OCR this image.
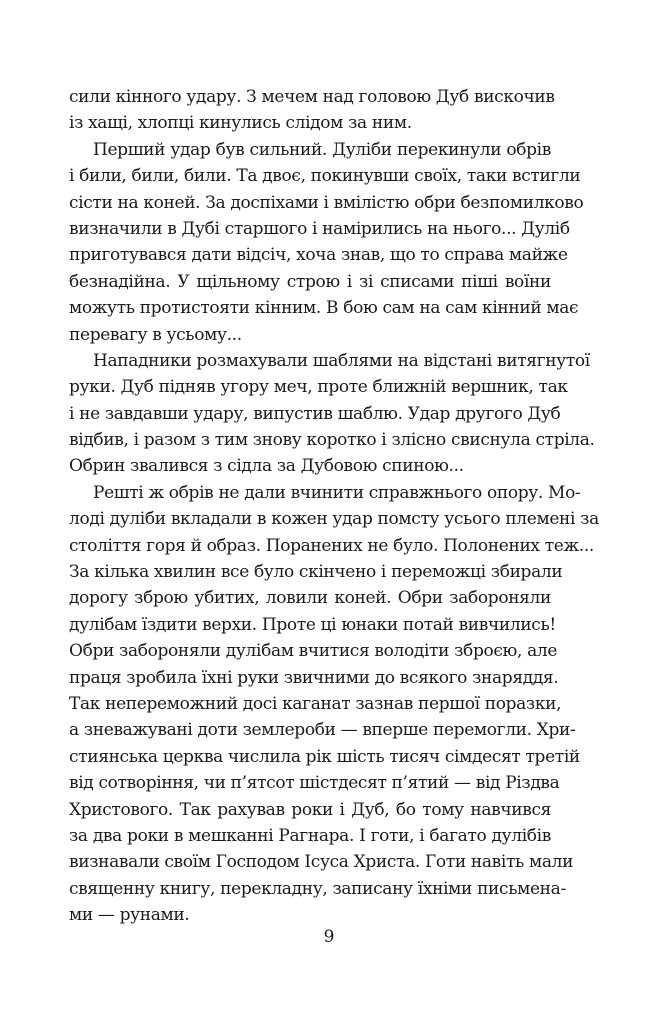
сили кінного удару. З мечем над головою Дуб вискочив
із хащі, хлопці кинулись слідом за ним.
Перший удар був сильний. Дуліби перекинули обрів
і били, били, били. Та двоє, покинувши своїх, таки встигли
сісти на коней. За доспіхами і вмілістю обри безпомилково
визначили в Дубі старшого і намірились на нього... Дуліб
приготувався дати відсіч, хоча знав, що то справа майже
безнадійна. У щільному строю і зі списами піші воїни
можуть протистояти кінним. В бою сам на сам кінний має
перевагу в усьому...
Нападники розмахували шаблями на відстані витягнутої
руки. Дуб підняв угору меч, проте ближній вершник, так
і не завдавши удару, випустив шаблю. Удар другого Дуб
відбив, і разом з тим знову коротко і злісно свиснула стріла.
Обрин звалився з сідла за Дубовою спиною...
Решті ж обрів не дали вчинити справжнього опору. Мо-
лоді дуліби вкладали в кожен удар помсту усього племені за
століття горя й образ. Поранених не було. Полонених теж...
За кілька хвилин все було скінчено і переможці збирали
дорогу зброю убитих, ловили коней. Обри забороняли
дулібам їздити верхи. Проте ці юнаки потай вивчились!
Обри забороняли дулібам вчитися володіти зброєю, але
праця зробила їхні руки звичними до всякого знаряддя.
Так непереможний досі каганат зазнав першої поразки,
а зневажувані доти землероби — вперше перемогли. Хри-
стиянська церква числила рік шість тисяч сімдесят третій
від сотворіння, чи п’ятсот шістдесят п’ятий — від Різдва
Христового. Так рахував роки і Дуб, бо тому навчився
за два роки в мешканні Рагнара. І готи, і багато дулібів
визнавали своїм Господом Ісуса Христа. Готи навіть мали
священну книгу, перекладну, записану їхніми письмена-
ми — рунами.
9
